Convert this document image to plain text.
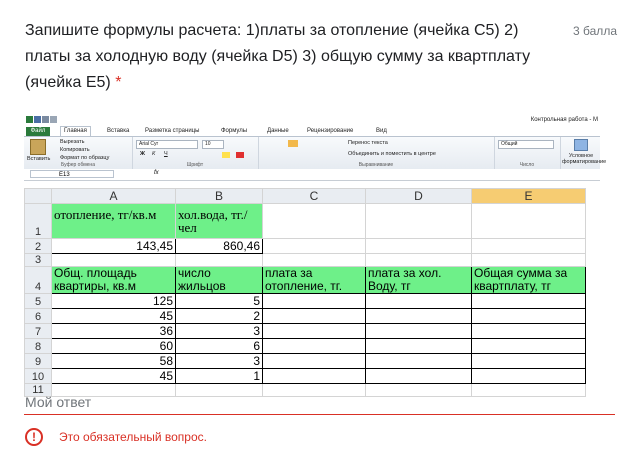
Запишите формулы расчета: 1)платы за отопление (ячейка C5) 2) платы за холодную воду (ячейка D5) 3) общую сумму за квартплату (ячейка E5) *
3 балла
Контрольная работа - М
Файл	Главная	Вставка	Разметка страницы	Формулы	Данные	Рецензирование	Вид
Вставить
Вырезать
Копировать
Формат по образцу
Буфер обмена
Arial Cyr	10
Ж К Ч
Шрифт
Перенос текста
Объединить и поместить в центре
Выравнивание
Общий
Число
Условное форматирование
E13	fx
	A	B	C	D	E
1	отопление, тг/кв.м	хол.вода, тг./чел			
2	143,45	860,46			
3					
4	Общ. площадь квартиры, кв.м	число жильцов	плата за отопление, тг.	плата за хол. Воду, тг	Общая сумма за квартплату, тг
5	125	5			
6	45	2			
7	36	3			
8	60	6			
9	58	3			
10	45	1			
11					
Мой ответ
!	Это обязательный вопрос.
